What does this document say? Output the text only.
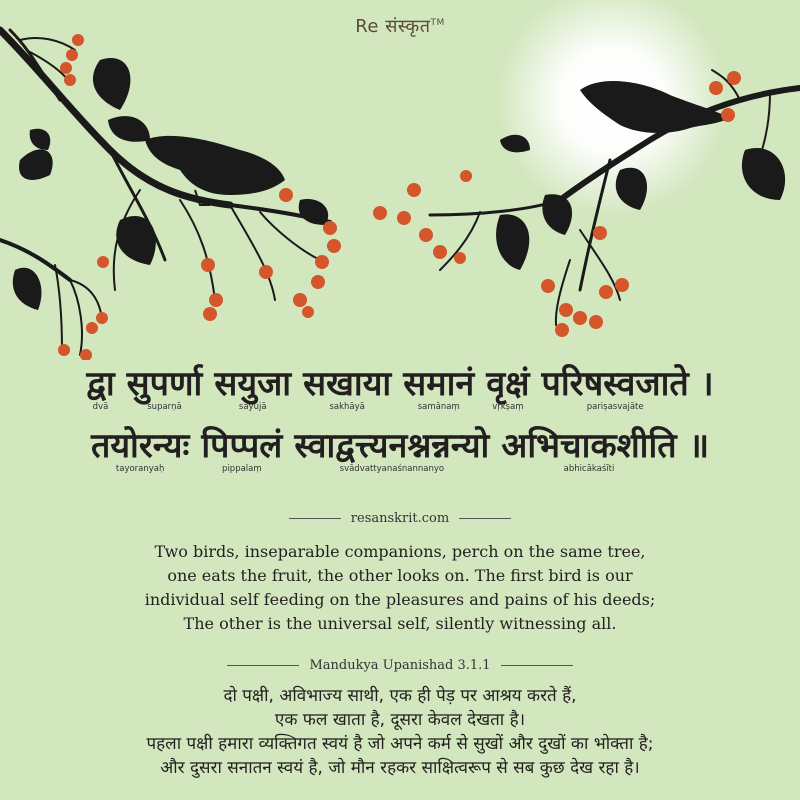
Re संस्कृत™
द्वा
dvā
सुपर्णा
suparṇā
सयुजा
sayujā
सखाया
sakhāyā
समानं
samānaṃ
वृक्षं
vṛkṣaṃ
परिषस्वजाते
pariṣasvajāte
।
तयोरन्यः
tayoranyaḥ
पिप्पलं
pippalaṃ
स्वाद्वत्त्यनश्नन्नन्यो
svādvattyanaśnannanyo
अभिचाकशीति
abhicākaśīti
॥
resanskrit.com
Two birds, inseparable companions, perch on the same tree,
one eats the fruit, the other looks on. The first bird is our
individual self feeding on the pleasures and pains of his deeds;
The other is the universal self, silently witnessing all.
Mandukya Upanishad 3.1.1
दो पक्षी, अविभाज्य साथी, एक ही पेड़ पर आश्रय करते हैं,
एक फल खाता है, दूसरा केवल देखता है।
पहला पक्षी हमारा व्यक्तिगत स्वयं है जो अपने कर्म से सुखों और दुखों का भोक्ता है;
और दुसरा सनातन स्वयं है, जो मौन रहकर साक्षित्वरूप से सब कुछ देख रहा है।
